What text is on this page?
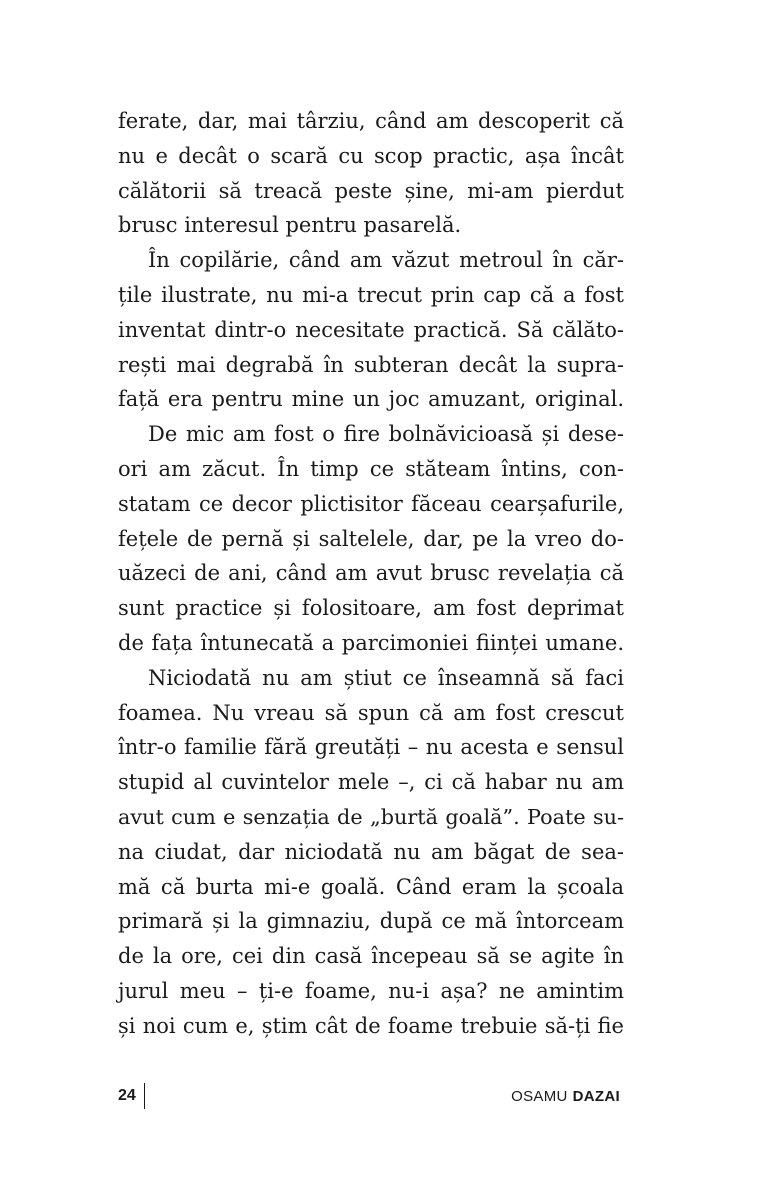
ferate, dar, mai târziu, când am descoperit că
nu e decât o scară cu scop practic, așa încât
călătorii să treacă peste șine, mi-am pierdut
brusc interesul pentru pasarelă.
În copilărie, când am văzut metroul în căr-
țile ilustrate, nu mi-a trecut prin cap că a fost
inventat dintr-o necesitate practică. Să călăto-
rești mai degrabă în subteran decât la supra-
față era pentru mine un joc amuzant, original.
De mic am fost o fire bolnăvicioasă și dese-
ori am zăcut. În timp ce stăteam întins, con-
statam ce decor plictisitor făceau cearșafurile,
fețele de pernă și saltelele, dar, pe la vreo do-
uăzeci de ani, când am avut brusc revelația că
sunt practice și folositoare, am fost deprimat
de fața întunecată a parcimoniei ființei umane.
Niciodată nu am știut ce înseamnă să faci
foamea. Nu vreau să spun că am fost crescut
într-o familie fără greutăți – nu acesta e sensul
stupid al cuvintelor mele –, ci că habar nu am
avut cum e senzația de „burtă goală”. Poate su-
na ciudat, dar niciodată nu am băgat de sea-
mă că burta mi-e goală. Când eram la școala
primară și la gimnaziu, după ce mă întorceam
de la ore, cei din casă începeau să se agite în
jurul meu – ți-e foame, nu-i așa? ne amintim
și noi cum e, știm cât de foame trebuie să-ți fie
24	OSAMU DAZAI
